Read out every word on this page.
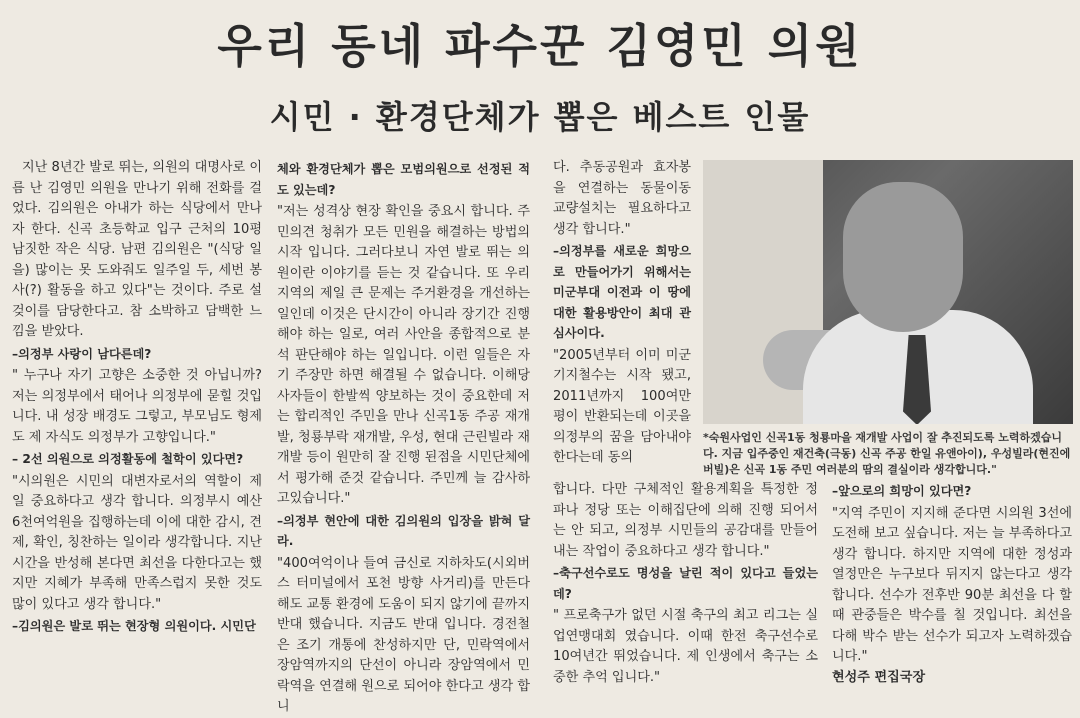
우리 동네 파수꾼 김영민 의원
시민 · 환경단체가 뽑은 베스트 인물

지난 8년간 발로 뛰는, 의원의 대명사로 이름 난 김영민 의원을 만나기 위해 전화를 걸었다. 김의원은 아내가 하는 식당에서 만나자 한다. 신곡 초등학교 입구 근처의 10평 남짓한 작은 식당. 남편 김의원은 "(식당 일을) 많이는 못 도와줘도 일주일 두, 세번 봉사(?) 활동을 하고 있다"는 것이다. 주로 설겆이를 담당한다고. 참 소박하고 담백한 느낌을 받았다.

–의정부 사랑이 남다른데?

" 누구나 자기 고향은 소중한 것 아닙니까? 저는 의정부에서 태어나 의정부에 묻힐 것입니다. 내 성장 배경도 그렇고, 부모님도 형제도 제 자식도 의정부가 고향입니다."

– 2선 의원으로 의정활동에 철학이 있다면?

"시의원은 시민의 대변자로서의 역할이 제일 중요하다고 생각 합니다. 의정부시 예산 6천여억원을 집행하는데 이에 대한 감시, 견제, 확인, 칭찬하는 일이라 생각합니다. 지난 시간을 반성해 본다면 최선을 다한다고는 했지만 지혜가 부족해 만족스럽지 못한 것도 많이 있다고 생각 합니다."

–김의원은 발로 뛰는 현장형 의원이다. 시민단

체와 환경단체가 뽑은 모범의원으로 선정된 적도 있는데?

"저는 성격상 현장 확인을 중요시 합니다. 주민의견 청취가 모든 민원을 해결하는 방법의 시작 입니다. 그러다보니 자연 발로 뛰는 의원이란 이야기를 듣는 것 같습니다. 또 우리 지역의 제일 큰 문제는 주거환경을 개선하는 일인데 이것은 단시간이 아니라 장기간 진행해야 하는 일로, 여러 사안을 종합적으로 분석 판단해야 하는 일입니다. 이런 일들은 자기 주장만 하면 해결될 수 없습니다. 이해당사자들이 한발씩 양보하는 것이 중요한데 저는 합리적인 주민을 만나 신곡1동 주공 재개발, 청룡부락 재개발, 우성, 현대 근린빌라 재개발 등이 원만히 잘 진행 된점을 시민단체에서 평가해 준것 같습니다. 주민께 늘 감사하고있습니다."

–의정부 현안에 대한 김의원의 입장을 밝혀 달라.

"400여억이나 들여 금신로 지하차도(시외버스 터미널에서 포천 방향 사거리)를 만든다해도 교통 환경에 도움이 되지 않기에 끝까지 반대 했습니다. 지금도 반대 입니다. 경전철은 조기 개통에 찬성하지만 단, 민락역에서 장암역까지의 단선이 아니라 장암역에서 민락역을 연결해 원으로 되어야 한다고 생각 합니

다. 추동공원과 효자봉을 연결하는 동물이동 교량설치는 필요하다고 생각 합니다."

–의정부를 새로운 희망으로 만들어가기 위해서는 미군부대 이전과 이 땅에 대한 활용방안이 최대 관심사이다.

"2005년부터 이미 미군기지철수는 시작 됐고, 2011년까지 100여만평이 반환되는데 이곳을 의정부의 꿈을 담아내야 한다는데 동의

*숙원사업인 신곡1동 청룡마을 재개발 사업이 잘 추진되도록 노력하겠습니다. 지금 입주중인 재건축(극동) 신곡 주공 한일 유앤아이), 우성빌라(현진에버빌)은 신곡 1동 주민 여러분의 땀의 결실이라 생각합니다."

합니다. 다만 구체적인 활용계획을 특정한 정파나 정당 또는 이해집단에 의해 진행 되어서는 안 되고, 의정부 시민들의 공감대를 만들어 내는 작업이 중요하다고 생각 합니다."

–축구선수로도 명성을 날린 적이 있다고 들었는데?

" 프로축구가 없던 시절 축구의 최고 리그는 실업연맹대회 였습니다. 이때 한전 축구선수로 10여년간 뛰었습니다. 제 인생에서 축구는 소중한 추억 입니다."

–앞으로의 희망이 있다면?

"지역 주민이 지지해 준다면 시의원 3선에 도전해 보고 싶습니다. 저는 늘 부족하다고 생각 합니다. 하지만 지역에 대한 정성과 열정만은 누구보다 뒤지지 않는다고 생각 합니다. 선수가 전후반 90분 최선을 다 할 때 관중들은 박수를 칠 것입니다. 최선을 다해 박수 받는 선수가 되고자 노력하겠습니다."

현성주 편집국장
